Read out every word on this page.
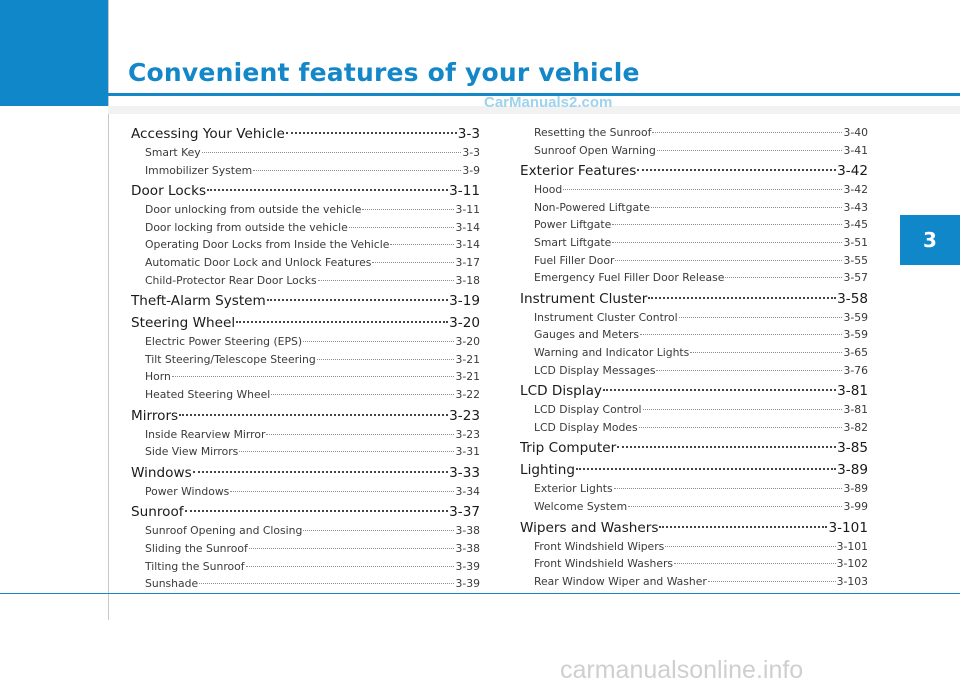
Convenient features of your vehicle
CarManuals2.com
Accessing Your Vehicle	3-3
Smart Key	3-3
Immobilizer System	3-9
Door Locks	3-11
Door unlocking from outside the vehicle	3-11
Door locking from outside the vehicle	3-14
Operating Door Locks from Inside the Vehicle	3-14
Automatic Door Lock and Unlock Features	3-17
Child-Protector Rear Door Locks	3-18
Theft-Alarm System	3-19
Steering Wheel	3-20
Electric Power Steering (EPS)	3-20
Tilt Steering/Telescope Steering	3-21
Horn	3-21
Heated Steering Wheel	3-22
Mirrors	3-23
Inside Rearview Mirror	3-23
Side View Mirrors	3-31
Windows	3-33
Power Windows	3-34
Sunroof	3-37
Sunroof Opening and Closing	3-38
Sliding the Sunroof	3-38
Tilting the Sunroof	3-39
Sunshade	3-39
Resetting the Sunroof	3-40
Sunroof Open Warning	3-41
Exterior Features	3-42
Hood	3-42
Non-Powered Liftgate	3-43
Power Liftgate	3-45
Smart Liftgate	3-51
Fuel Filler Door	3-55
Emergency Fuel Filler Door Release	3-57
Instrument Cluster	3-58
Instrument Cluster Control	3-59
Gauges and Meters	3-59
Warning and Indicator Lights	3-65
LCD Display Messages	3-76
LCD Display	3-81
LCD Display Control	3-81
LCD Display Modes	3-82
Trip Computer	3-85
Lighting	3-89
Exterior Lights	3-89
Welcome System	3-99
Wipers and Washers	3-101
Front Windshield Wipers	3-101
Front Windshield Washers	3-102
Rear Window Wiper and Washer	3-103
3
carmanualsonline.info
